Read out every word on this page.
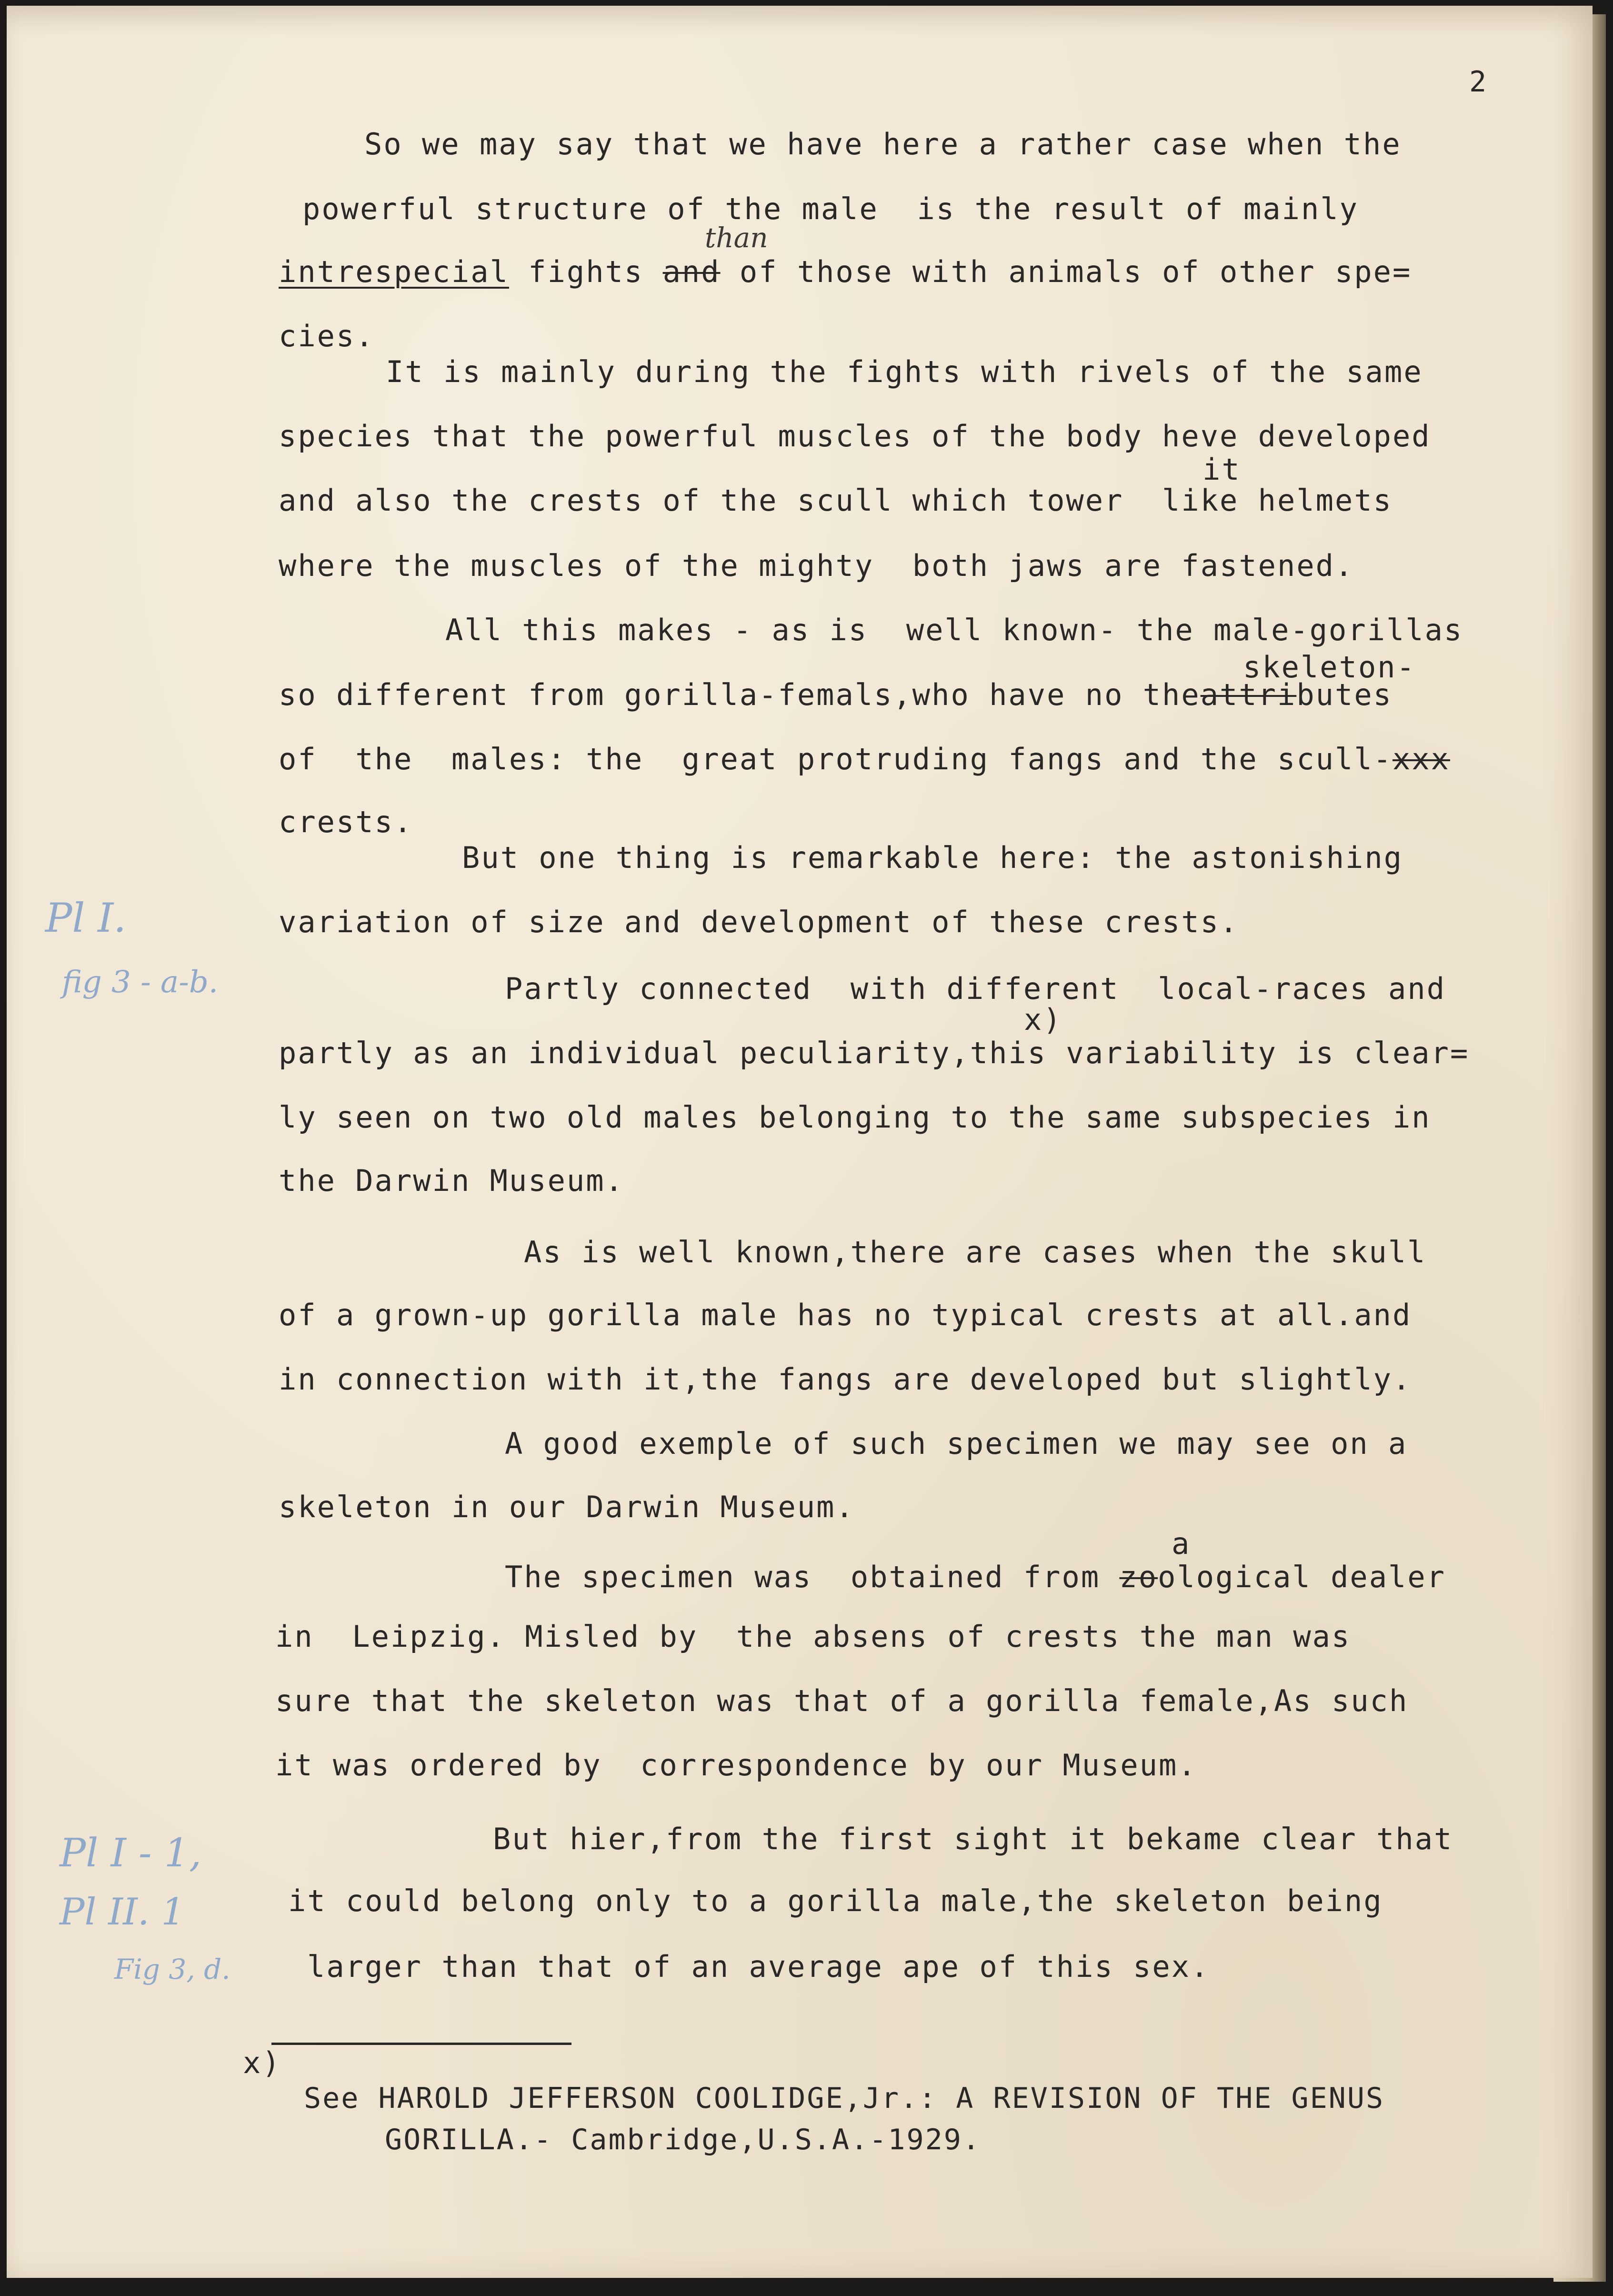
2
So we may say that we have here a rather case when the
powerful structure of the male  is the result of mainly
than
intrespecial fights and of those with animals of other spe=
cies.
It is mainly during the fights with rivels of the same
species that the powerful muscles of the body heve developed
it
and also the crests of the scull which tower  like helmets
where the muscles of the mighty  both jaws are fastened.
All this makes - as is  well known- the male-gorillas
skeleton-
so different from gorilla-femals,who have no theattributes
of  the  males: the  great protruding fangs and the scull-xxx
crests.
But one thing is remarkable here: the astonishing
variation of size and development of these crests.
Pl I.
fig 3 - a-b.	Partly connected  with different  local-races and
x)
partly as an individual peculiarity,this variability is clear=
ly seen on two old males belonging to the same subspecies in
the Darwin Museum.
As is well known,there are cases when the skull
of a grown-up gorilla male has no typical crests at all.and
in connection with it,the fangs are developed but slightly.
A good exemple of such specimen we may see on a
skeleton in our Darwin Museum.
a
The specimen was  obtained from zoological dealer
in  Leipzig. Misled by  the absens of crests the man was
sure that the skeleton was that of a gorilla female,As such
it was ordered by  correspondence by our Museum.
But hier,from the first sight it bekame clear that
it could belong only to a gorilla male,the skeleton being
larger than that of an average ape of this sex.
Pl I - 1,
Pl II. 1
Fig 3, d.
x)
See HAROLD JEFFERSON COOLIDGE,Jr.: A REVISION OF THE GENUS
GORILLA.- Cambridge,U.S.A.-1929.
